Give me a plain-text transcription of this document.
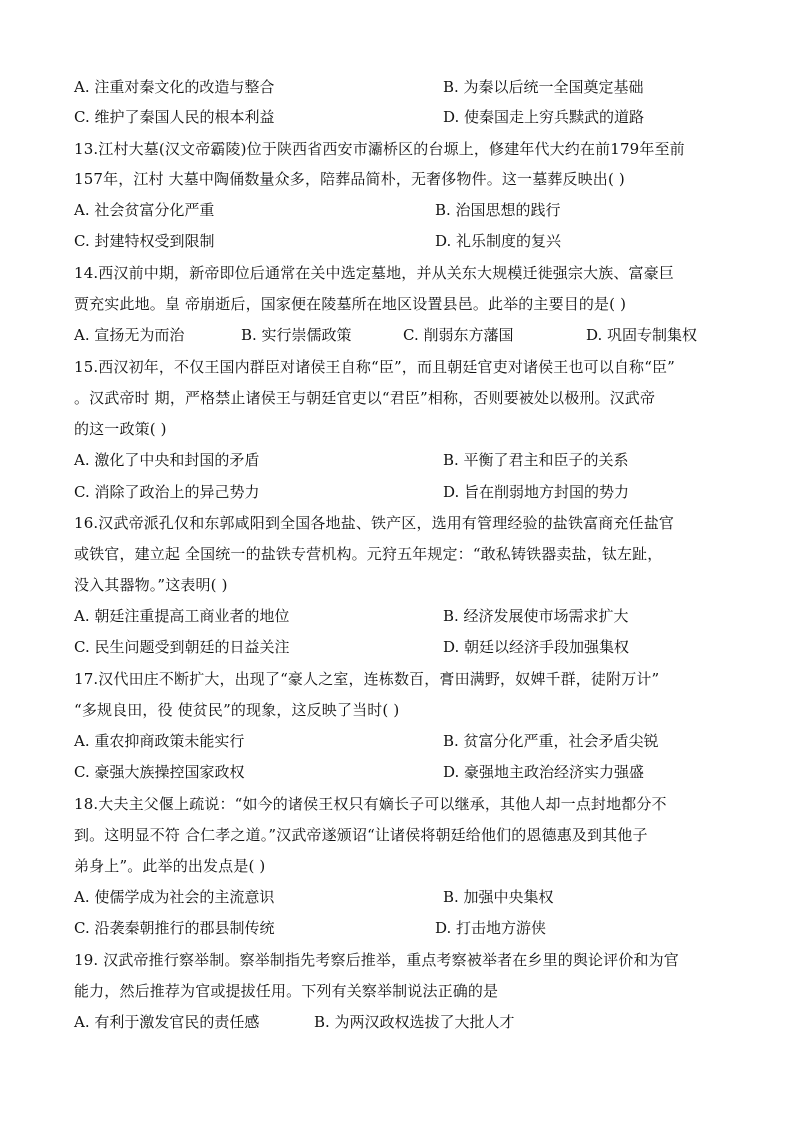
A. 注重对秦文化的改造与整合	B. 为秦以后统一全国奠定基础
C. 维护了秦国人民的根本利益	D. 使秦国走上穷兵黩武的道路
13.江村大墓(汉文帝霸陵)位于陕西省西安市灞桥区的台塬上，修建年代大约在前179年至前
157年，江村 大墓中陶俑数量众多，陪葬品简朴，无奢侈物件。这一墓葬反映出( )
A. 社会贫富分化严重	B. 治国思想的践行
C. 封建特权受到限制	D. 礼乐制度的复兴
14.西汉前中期，新帝即位后通常在关中选定墓地，并从关东大规模迁徙强宗大族、富豪巨
贾充实此地。皇 帝崩逝后，国家便在陵墓所在地区设置县邑。此举的主要目的是( )
A. 宣扬无为而治	B. 实行崇儒政策	C. 削弱东方藩国	D. 巩固专制集权
15.西汉初年，不仅王国内群臣对诸侯王自称“臣”，而且朝廷官吏对诸侯王也可以自称“臣”
。汉武帝时 期，严格禁止诸侯王与朝廷官吏以“君臣”相称，否则要被处以极刑。汉武帝
的这一政策( )
A. 激化了中央和封国的矛盾	B. 平衡了君主和臣子的关系
C. 消除了政治上的异己势力	D. 旨在削弱地方封国的势力
16.汉武帝派孔仅和东郭咸阳到全国各地盐、铁产区，选用有管理经验的盐铁富商充任盐官
或铁官，建立起 全国统一的盐铁专营机构。元狩五年规定：“敢私铸铁器卖盐，钛左趾，
没入其器物。”这表明( )
A. 朝廷注重提高工商业者的地位	B. 经济发展使市场需求扩大
C. 民生问题受到朝廷的日益关注	D. 朝廷以经济手段加强集权
17.汉代田庄不断扩大，出现了“豪人之室，连栋数百，膏田满野，奴婢千群，徒附万计”
“多规良田，役 使贫民”的现象，这反映了当时( )
A. 重农抑商政策未能实行	B. 贫富分化严重，社会矛盾尖锐
C. 豪强大族操控国家政权	D. 豪强地主政治经济实力强盛
18.大夫主父偃上疏说：“如今的诸侯王权只有嫡长子可以继承，其他人却一点封地都分不
到。这明显不符 合仁孝之道。”汉武帝遂颁诏“让诸侯将朝廷给他们的恩德惠及到其他子
弟身上”。此举的出发点是( )
A. 使儒学成为社会的主流意识	B. 加强中央集权
C. 沿袭秦朝推行的郡县制传统	D. 打击地方游侠
19. 汉武帝推行察举制。察举制指先考察后推举，重点考察被举者在乡里的舆论评价和为官
能力，然后推荐为官或提拔任用。下列有关察举制说法正确的是
A. 有利于激发官民的责任感	B. 为两汉政权选拔了大批人才
